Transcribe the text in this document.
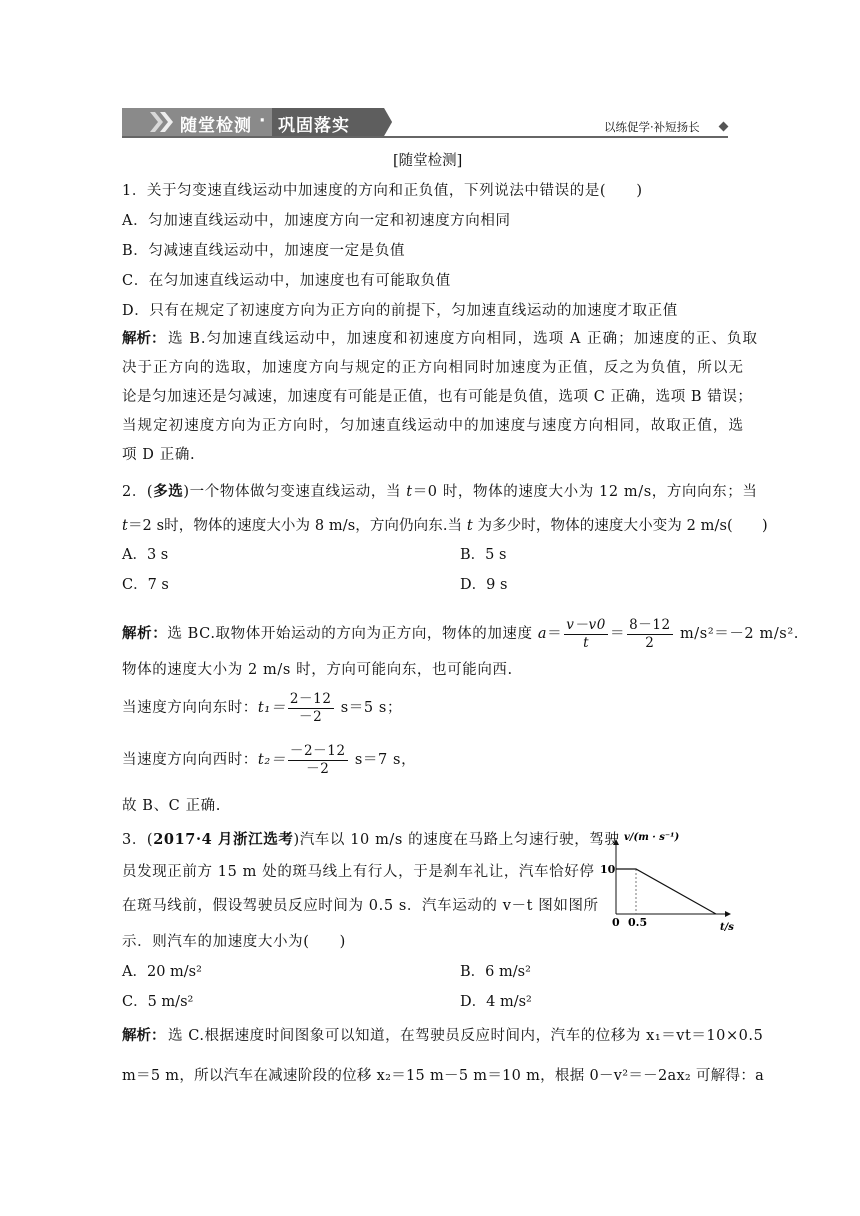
随堂检测 · 巩固落实	以练促学·补短扬长
[随堂检测]
1．关于匀变速直线运动中加速度的方向和正负值，下列说法中错误的是(　　)
A．匀加速直线运动中，加速度方向一定和初速度方向相同
B．匀减速直线运动中，加速度一定是负值
C．在匀加速直线运动中，加速度也有可能取负值
D．只有在规定了初速度方向为正方向的前提下，匀加速直线运动的加速度才取正值
解析： 选 B.匀加速直线运动中，加速度和初速度方向相同，选项 A 正确；加速度的正、负取
决于正方向的选取，加速度方向与规定的正方向相同时加速度为正值，反之为负值，所以无
论是匀加速还是匀减速，加速度有可能是正值，也有可能是负值，选项 C 正确，选项 B 错误；
当规定初速度方向为正方向时，匀加速直线运动中的加速度与速度方向相同，故取正值，选
项 D 正确.
2．(多选)一个物体做匀变速直线运动，当 t＝0 时，物体的速度大小为 12 m/s，方向向东；当
t＝2 s时，物体的速度大小为 8 m/s，方向仍向东.当 t 为多少时，物体的速度大小变为 2 m/s(　　)
A．3 s	B．5 s
C．7 s	D．9 s
解析：选 BC.取物体开始运动的方向为正方向，物体的加速度 $a= \frac{v-v0}{t} = \frac{8-12}{2} m/s^2=-2$ m/s².
物体的速度大小为 2 m/s 时，方向可能向东，也可能向西.
当速度方向向东时：$t_1= \frac{2-12}{-2} s=5$ s；
当速度方向向西时：$t_2= \frac{-2-12}{-2} s=7$ s，
故 B、C 正确.
3．(2017·4 月浙江选考)汽车以 10 m/s 的速度在马路上匀速行驶，驾驶
员发现正前方 15 m 处的斑马线上有行人，于是刹车礼让，汽车恰好停
在斑马线前，假设驾驶员反应时间为 0.5 s．汽车运动的 v－t 图如图所
示．则汽车的加速度大小为(　　)
v/(m · s⁻¹)
10
0 0.5	t/s
A．20 m/s²	B．6 m/s²
C．5 m/s²	D．4 m/s²
解析： 选 C.根据速度时间图象可以知道，在驾驶员反应时间内，汽车的位移为 x₁＝vt＝10×0.5
m＝5 m，所以汽车在减速阶段的位移 x₂＝15 m－5 m＝10 m，根据 0－v²＝－2ax₂ 可解得：a
